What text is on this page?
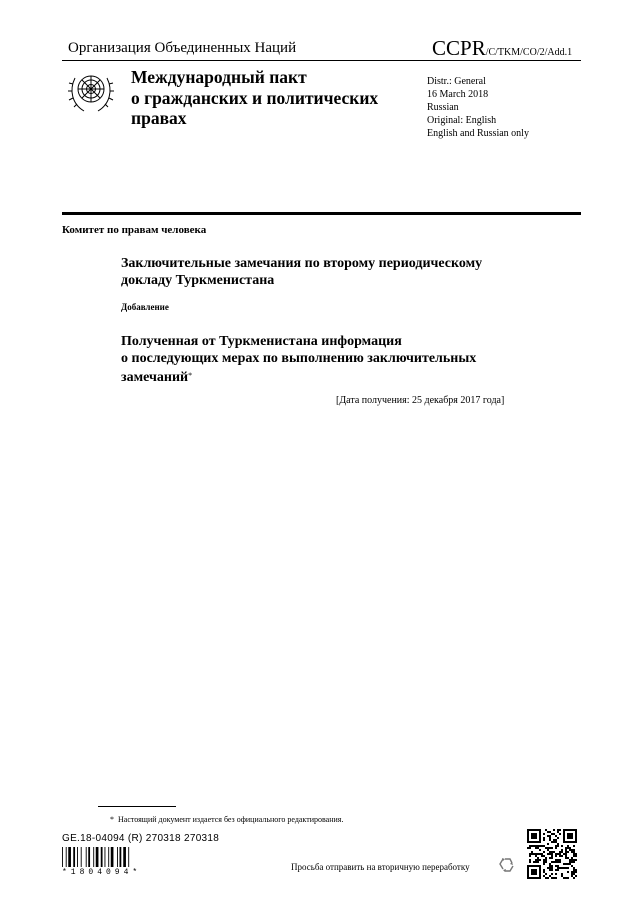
Организация Объединенных Наций	CCPR/C/TKM/CO/2/Add.1
Международный пакт
о гражданских и политических
правах
Distr.: General
16 March 2018
Russian
Original: English
English and Russian only
Комитет по правам человека
Заключительные замечания по второму периодическому
докладу Туркменистана
Добавление
Полученная от Туркменистана информация
о последующих мерах по выполнению заключительных
замечаний*
[Дата получения: 25 декабря 2017 года]
* Настоящий документ издается без официального редактирования.
GE.18-04094 (R) 270318 270318
*1804094*
Просьба отправить на вторичную переработку
